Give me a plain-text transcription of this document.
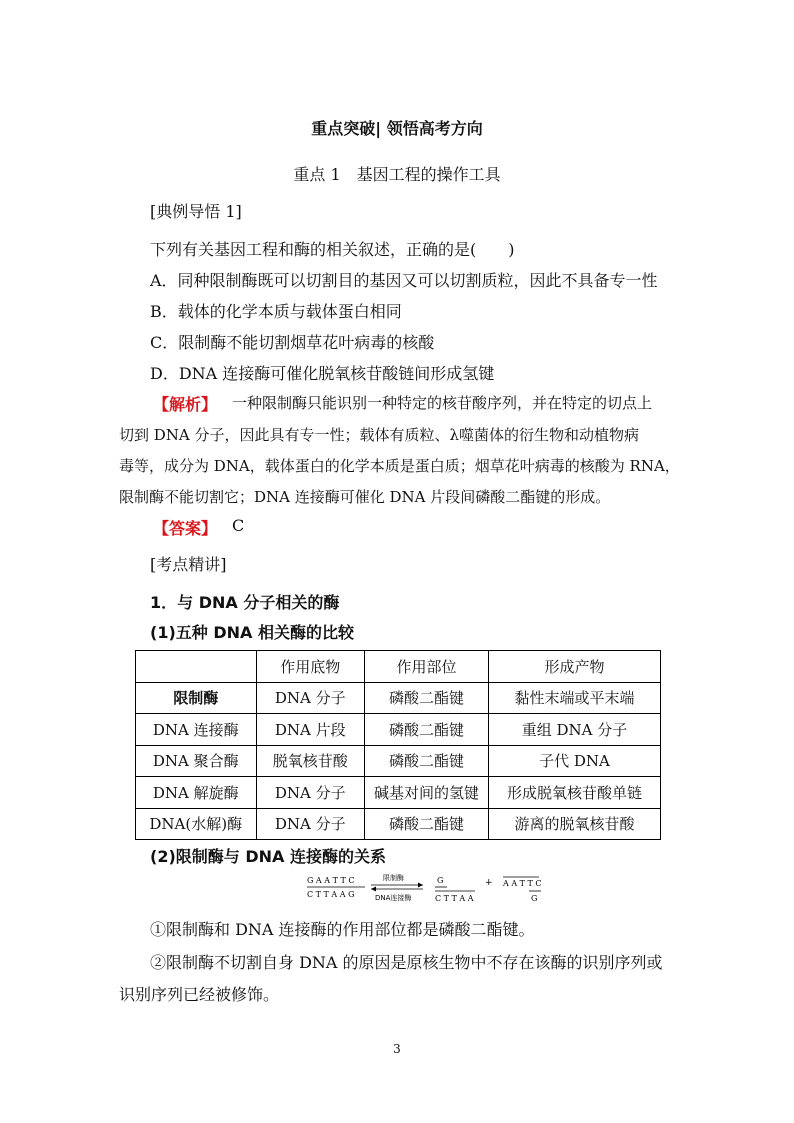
重点突破| 领悟高考方向
重点 1　基因工程的操作工具
[典例导悟 1]
下列有关基因工程和酶的相关叙述，正确的是(　　)
A．同种限制酶既可以切割目的基因又可以切割质粒，因此不具备专一性
B．载体的化学本质与载体蛋白相同
C．限制酶不能切割烟草花叶病毒的核酸
D．DNA 连接酶可催化脱氧核苷酸链间形成氢键
【解析】 一种限制酶只能识别一种特定的核苷酸序列，并在特定的切点上
切到 DNA 分子，因此具有专一性；载体有质粒、λ噬菌体的衍生物和动植物病
毒等，成分为 DNA，载体蛋白的化学本质是蛋白质；烟草花叶病毒的核酸为 RNA，
限制酶不能切割它；DNA 连接酶可催化 DNA 片段间磷酸二酯键的形成。
【答案】 C
[考点精讲]
1．与 DNA 分子相关的酶
(1)五种 DNA 相关酶的比较
	作用底物	作用部位	形成产物
限制酶	DNA 分子	磷酸二酯键	黏性末端或平末端
DNA 连接酶	DNA 片段	磷酸二酯键	重组 DNA 分子
DNA 聚合酶	脱氧核苷酸	磷酸二酯键	子代 DNA
DNA 解旋酶	DNA 分子	碱基对间的氢键	形成脱氧核苷酸单链
DNA(水解)酶	DNA 分子	磷酸二酯键	游离的脱氧核苷酸
(2)限制酶与 DNA 连接酶的关系
G A A T T C
C T T A A G
限制酶
DNA连接酶
G
C T T A A
+ A A T T C
G
①限制酶和 DNA 连接酶的作用部位都是磷酸二酯键。
②限制酶不切割自身 DNA 的原因是原核生物中不存在该酶的识别序列或
识别序列已经被修饰。
3
